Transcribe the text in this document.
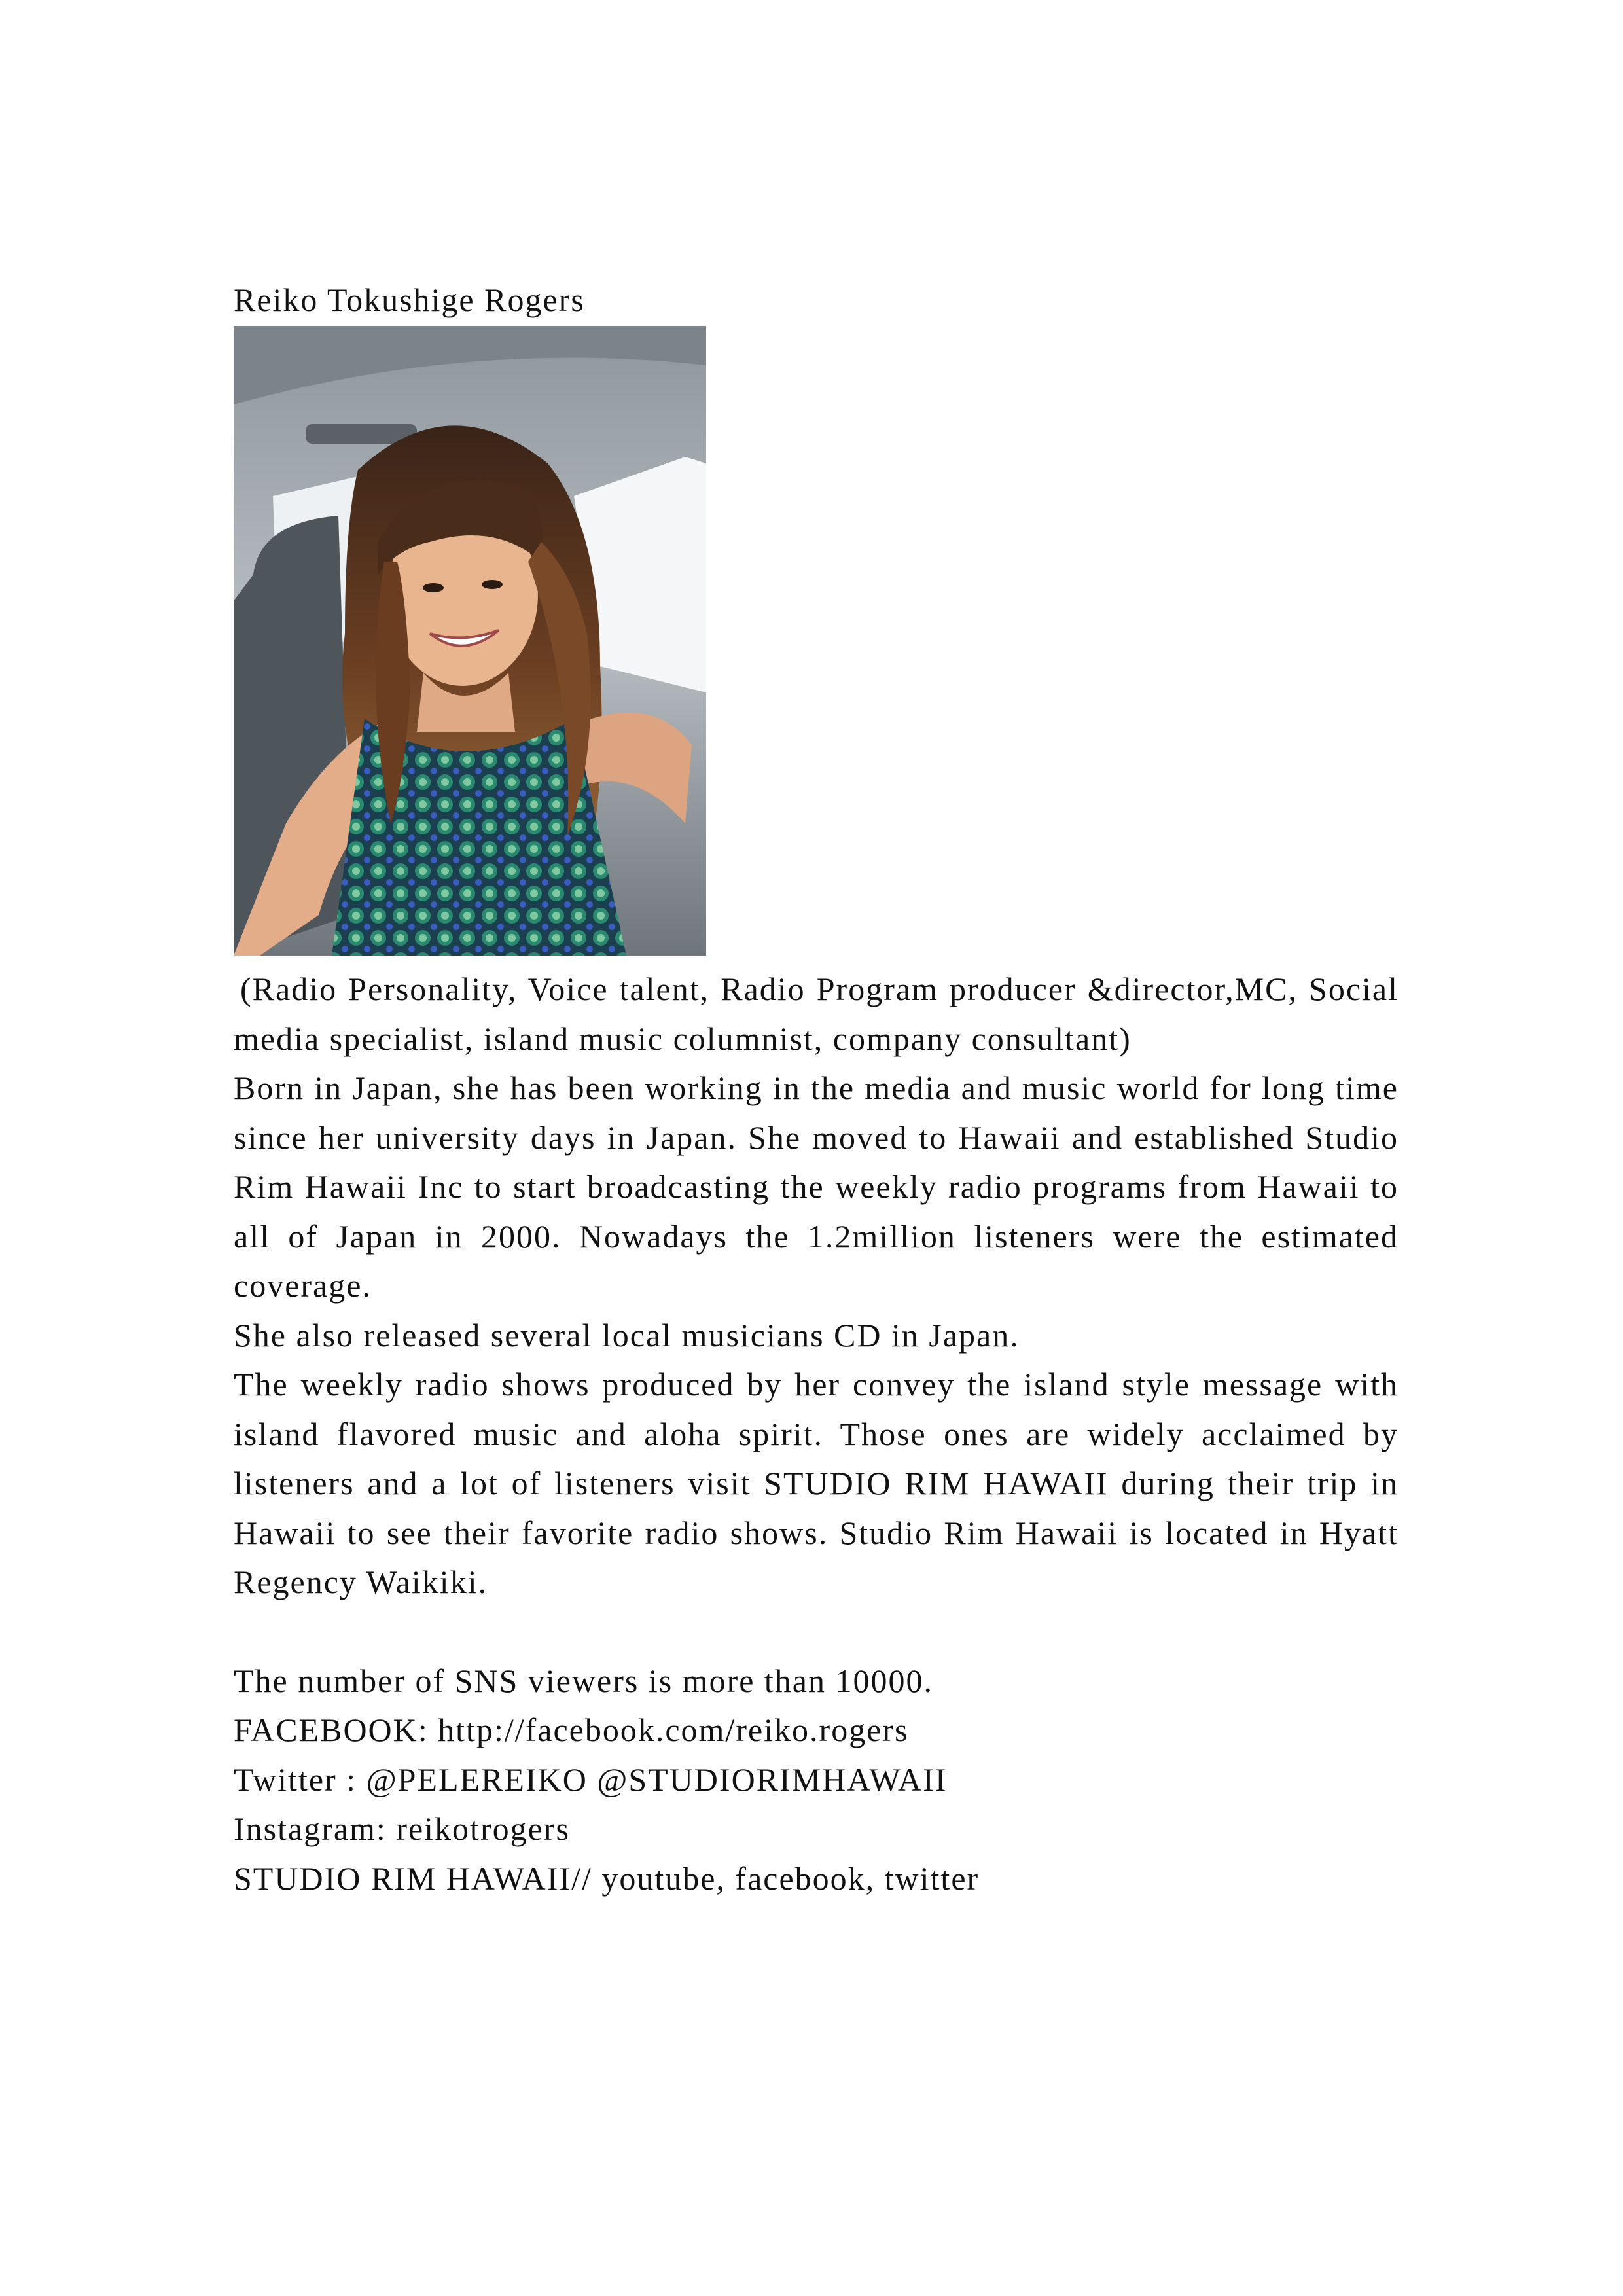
Reiko Tokushige Rogers

(Radio Personality, Voice talent, Radio Program producer &director,MC, Social media specialist, island music columnist, company consultant)

Born in Japan, she has been working in the media and music world for long time since her university days in Japan. She moved to Hawaii and established Studio Rim Hawaii Inc to start broadcasting the weekly radio programs from Hawaii to all of Japan in 2000. Nowadays the 1.2million listeners were the estimated coverage.

She also released several local musicians CD in Japan.

The weekly radio shows produced by her convey the island style message with island flavored music and aloha spirit. Those ones are widely acclaimed by listeners and a lot of listeners visit STUDIO RIM HAWAII during their trip in Hawaii to see their favorite radio shows. Studio Rim Hawaii is located in Hyatt Regency Waikiki.

The number of SNS viewers is more than 10000.

FACEBOOK: http://facebook.com/reiko.rogers

Twitter : @PELEREIKO @STUDIORIMHAWAII

Instagram: reikotrogers

STUDIO RIM HAWAII// youtube, facebook, twitter
